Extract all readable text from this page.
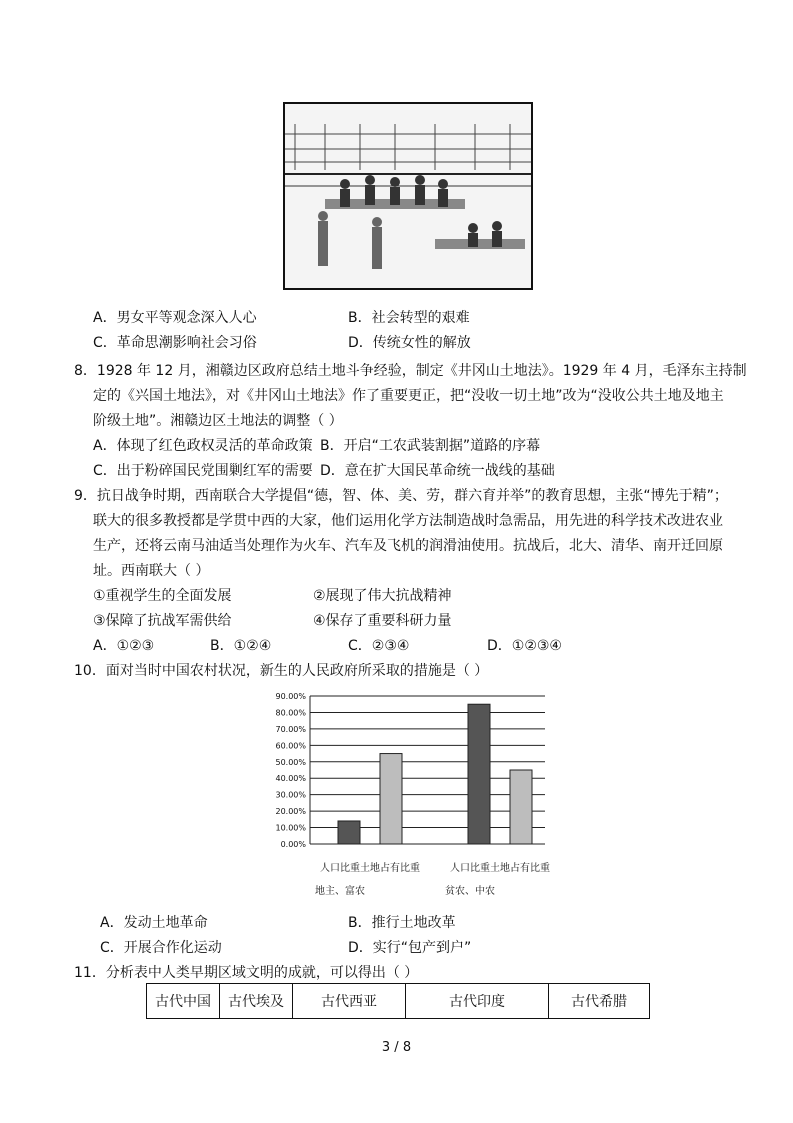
A．男女平等观念深入人心	B．社会转型的艰难
C．革命思潮影响社会习俗	D．传统女性的解放
8．1928 年 12 月，湘赣边区政府总结土地斗争经验，制定《井冈山土地法》。1929 年 4 月，毛泽东主持制
定的《兴国土地法》，对《井冈山土地法》作了重要更正，把“没收一切土地”改为“没收公共土地及地主
阶级土地”。湘赣边区土地法的调整（ ）
A．体现了红色政权灵活的革命政策 B．开启“工农武装割据”道路的序幕
C．出于粉碎国民党围剿红军的需要 D．意在扩大国民革命统一战线的基础
9．抗日战争时期，西南联合大学提倡“德，智、体、美、劳，群六育并举”的教育思想，主张“博先于精”；
联大的很多教授都是学贯中西的大家，他们运用化学方法制造战时急需品，用先进的科学技术改进农业
生产，还将云南马油适当处理作为火车、汽车及飞机的润滑油使用。抗战后，北大、清华、南开迁回原
址。西南联大（ ）
①重视学生的全面发展	②展现了伟大抗战精神
③保障了抗战军需供给	④保存了重要科研力量
A．①②③	B．①②④	C．②③④	D．①②③④
10．面对当时中国农村状况，新生的人民政府所采取的措施是（ ）
0.00%
10.00%
20.00%
30.00%
40.00%
50.00%
60.00%
70.00%
80.00%
90.00%
人口比重土地占有比重	人口比重土地占有比重
地主、富农	贫农、中农
A．发动土地革命	B．推行土地改革
C．开展合作化运动	D．实行“包产到户”
11．分析表中人类早期区域文明的成就，可以得出（ ）
古代中国	古代埃及	古代西亚	古代印度	古代希腊
3 / 8
